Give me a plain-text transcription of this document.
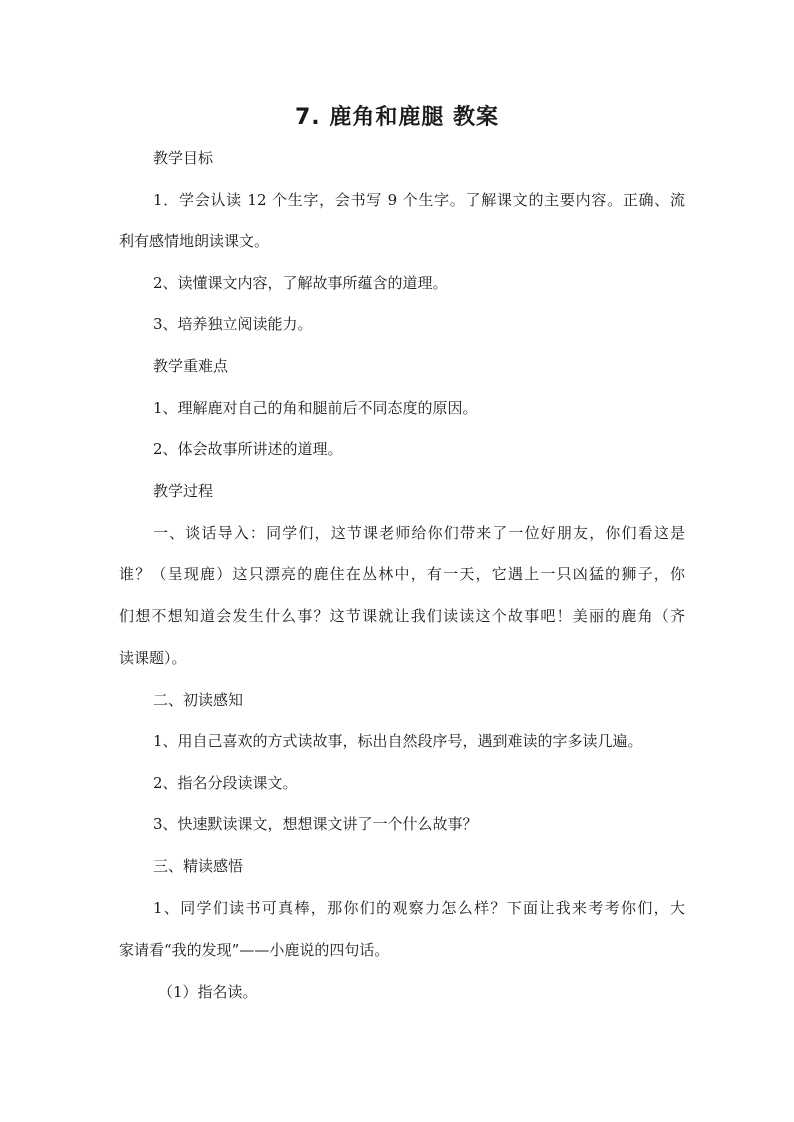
7. 鹿角和鹿腿 教案

教学目标

1．学会认读 12 个生字，会书写 9 个生字。了解课文的主要内容。正确、流

利有感情地朗读课文。

2、读懂课文内容，了解故事所蕴含的道理。

3、培养独立阅读能力。

教学重难点

1、理解鹿对自己的角和腿前后不同态度的原因。

2、体会故事所讲述的道理。

教学过程

一、谈话导入：同学们，这节课老师给你们带来了一位好朋友，你们看这是

谁？（呈现鹿）这只漂亮的鹿住在丛林中，有一天，它遇上一只凶猛的狮子，你

们想不想知道会发生什么事？这节课就让我们读读这个故事吧！美丽的鹿角（齐

读课题）。

二、初读感知

1、用自己喜欢的方式读故事，标出自然段序号，遇到难读的字多读几遍。

2、指名分段读课文。

3、快速默读课文，想想课文讲了一个什么故事？

三、精读感悟

1、同学们读书可真棒，那你们的观察力怎么样？下面让我来考考你们，大

家请看“我的发现”——小鹿说的四句话。

（1）指名读。
